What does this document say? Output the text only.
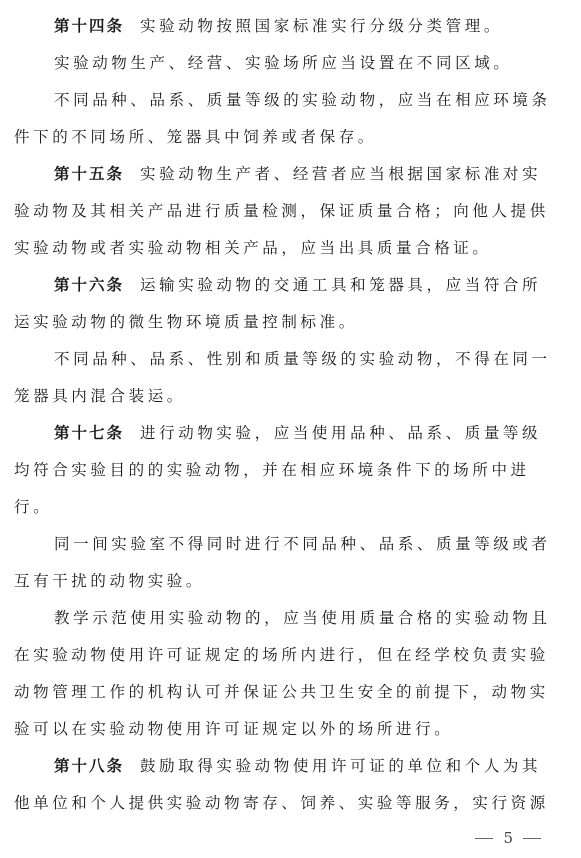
第十四条 实验动物按照国家标准实行分级分类管理。
实验动物生产、经营、实验场所应当设置在不同区域。
不同品种、品系、质量等级的实验动物，应当在相应环境条
件下的不同场所、笼器具中饲养或者保存。
第十五条 实验动物生产者、经营者应当根据国家标准对实
验动物及其相关产品进行质量检测，保证质量合格；向他人提供
实验动物或者实验动物相关产品，应当出具质量合格证。
第十六条 运输实验动物的交通工具和笼器具，应当符合所
运实验动物的微生物环境质量控制标准。
不同品种、品系、性别和质量等级的实验动物，不得在同一
笼器具内混合装运。
第十七条 进行动物实验，应当使用品种、品系、质量等级
均符合实验目的的实验动物，并在相应环境条件下的场所中进
行。
同一间实验室不得同时进行不同品种、品系、质量等级或者
互有干扰的动物实验。
教学示范使用实验动物的，应当使用质量合格的实验动物且
在实验动物使用许可证规定的场所内进行，但在经学校负责实验
动物管理工作的机构认可并保证公共卫生安全的前提下，动物实
验可以在实验动物使用许可证规定以外的场所进行。
第十八条 鼓励取得实验动物使用许可证的单位和个人为其
他单位和个人提供实验动物寄存、饲养、实验等服务，实行资源
5
